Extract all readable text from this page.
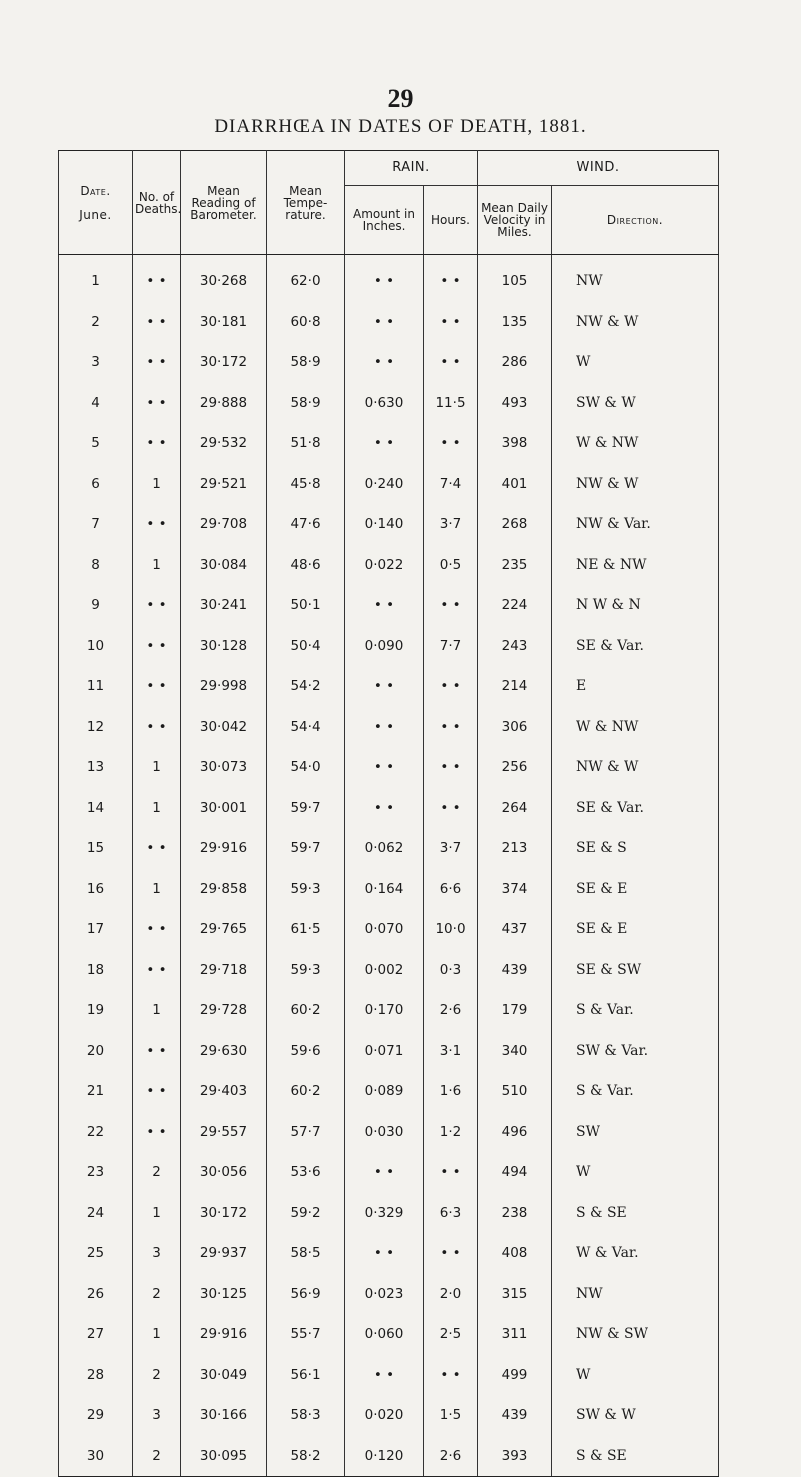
29
DIARRHŒA IN DATES OF DEATH, 1881.
Date.
June.	No. of Deaths.	Mean Reading of Barometer.	Mean Tempe-rature.	RAIN.		WIND.	
				Amount in Inches.	Hours.	Mean Daily Velocity in Miles.	Direction.
1	• •	30·268	62·0	• •	• •	105	NW
2	• •	30·181	60·8	• •	• •	135	NW & W
3	• •	30·172	58·9	• •	• •	286	W
4	• •	29·888	58·9	0·630	11·5	493	SW & W
5	• •	29·532	51·8	• •	• •	398	W & NW
6	1	29·521	45·8	0·240	7·4	401	NW & W
7	• •	29·708	47·6	0·140	3·7	268	NW & Var.
8	1	30·084	48·6	0·022	0·5	235	NE & NW
9	• •	30·241	50·1	• •	• •	224	N W & N
10	• •	30·128	50·4	0·090	7·7	243	SE & Var.
11	• •	29·998	54·2	• •	• •	214	E
12	• •	30·042	54·4	• •	• •	306	W & NW
13	1	30·073	54·0	• •	• •	256	NW & W
14	1	30·001	59·7	• •	• •	264	SE & Var.
15	• •	29·916	59·7	0·062	3·7	213	SE & S
16	1	29·858	59·3	0·164	6·6	374	SE & E
17	• •	29·765	61·5	0·070	10·0	437	SE & E
18	• •	29·718	59·3	0·002	0·3	439	SE & SW
19	1	29·728	60·2	0·170	2·6	179	S & Var.
20	• •	29·630	59·6	0·071	3·1	340	SW & Var.
21	• •	29·403	60·2	0·089	1·6	510	S & Var.
22	• •	29·557	57·7	0·030	1·2	496	SW
23	2	30·056	53·6	• •	• •	494	W
24	1	30·172	59·2	0·329	6·3	238	S & SE
25	3	29·937	58·5	• •	• •	408	W & Var.
26	2	30·125	56·9	0·023	2·0	315	NW
27	1	29·916	55·7	0·060	2·5	311	NW & SW
28	2	30·049	56·1	• •	• •	499	W
29	3	30·166	58·3	0·020	1·5	439	SW & W
30	2	30·095	58·2	0·120	2·6	393	S & SE
